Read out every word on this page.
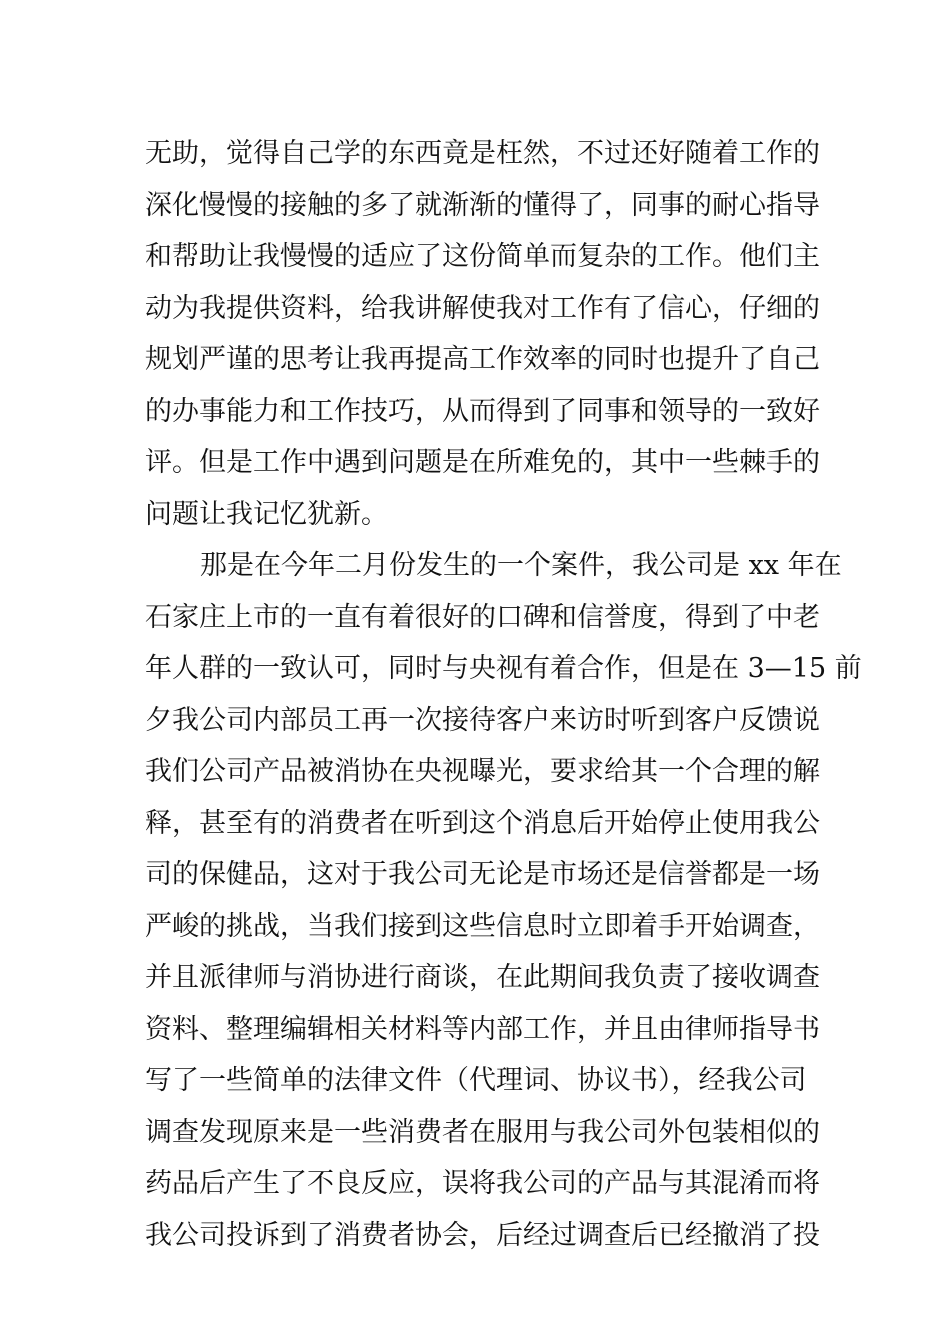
无助，觉得自己学的东西竟是枉然，不过还好随着工作的
深化慢慢的接触的多了就渐渐的懂得了，同事的耐心指导
和帮助让我慢慢的适应了这份简单而复杂的工作。他们主
动为我提供资料，给我讲解使我对工作有了信心，仔细的
规划严谨的思考让我再提高工作效率的同时也提升了自己
的办事能力和工作技巧，从而得到了同事和领导的一致好
评。但是工作中遇到问题是在所难免的，其中一些棘手的
问题让我记忆犹新。
那是在今年二月份发生的一个案件，我公司是 xx 年在
石家庄上市的一直有着很好的口碑和信誉度，得到了中老
年人群的一致认可，同时与央视有着合作，但是在 3—15 前
夕我公司内部员工再一次接待客户来访时听到客户反馈说
我们公司产品被消协在央视曝光，要求给其一个合理的解
释，甚至有的消费者在听到这个消息后开始停止使用我公
司的保健品，这对于我公司无论是市场还是信誉都是一场
严峻的挑战，当我们接到这些信息时立即着手开始调查，
并且派律师与消协进行商谈，在此期间我负责了接收调查
资料、整理编辑相关材料等内部工作，并且由律师指导书
写了一些简单的法律文件（代理词、协议书），经我公司
调查发现原来是一些消费者在服用与我公司外包装相似的
药品后产生了不良反应，误将我公司的产品与其混淆而将
我公司投诉到了消费者协会，后经过调查后已经撤消了投
